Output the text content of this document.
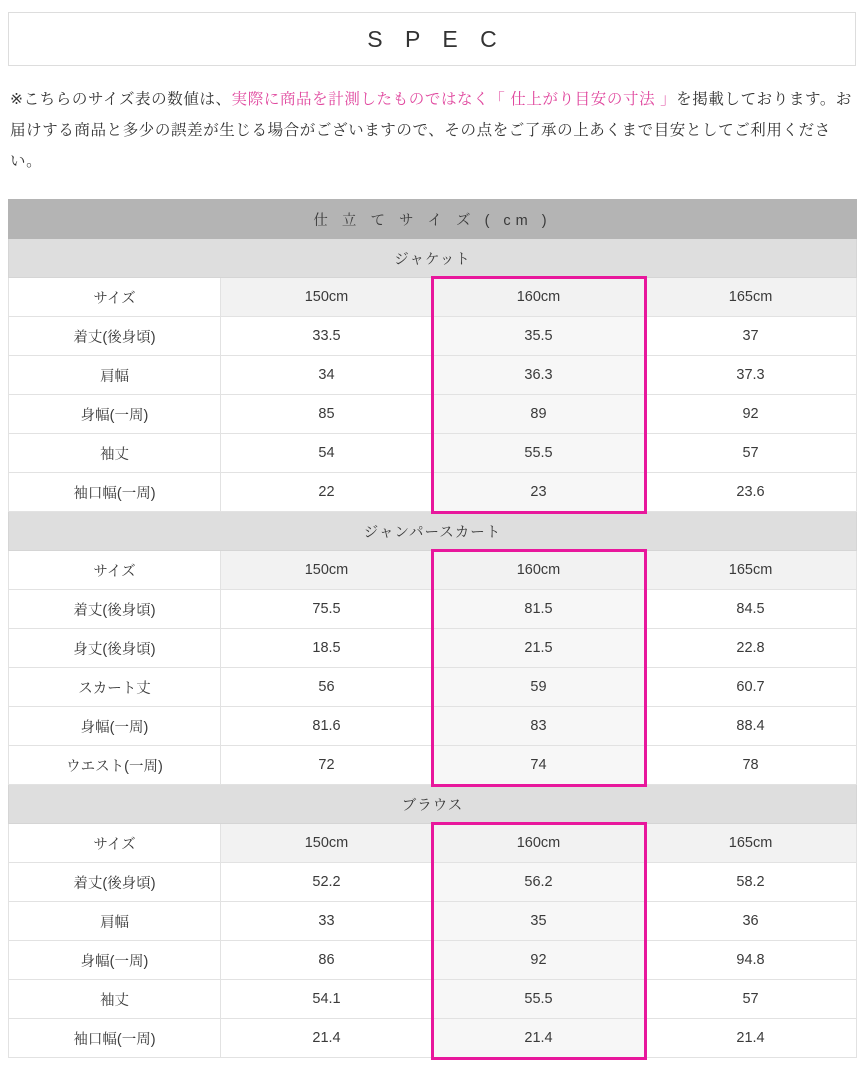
S P E C

※こちらのサイズ表の数値は、実際に商品を計測したものではなく「 仕上がり目安の寸法 」を掲載しております。お届けする商品と多少の誤差が生じる場合がございますので、その点をご了承の上あくまで目安としてご利用ください。

仕 立 て サ イ ズ ( cm )			
ジャケット			
サイズ	150cm	160cm	165cm
着丈(後身頃)	33.5	35.5	37
肩幅	34	36.3	37.3
身幅(一周)	85	89	92
袖丈	54	55.5	57
袖口幅(一周)	22	23	23.6
ジャンパースカート			
サイズ	150cm	160cm	165cm
着丈(後身頃)	75.5	81.5	84.5
身丈(後身頃)	18.5	21.5	22.8
スカート丈	56	59	60.7
身幅(一周)	81.6	83	88.4
ウエスト(一周)	72	74	78
ブラウス			
サイズ	150cm	160cm	165cm
着丈(後身頃)	52.2	56.2	58.2
肩幅	33	35	36
身幅(一周)	86	92	94.8
袖丈	54.1	55.5	57
袖口幅(一周)	21.4	21.4	21.4
